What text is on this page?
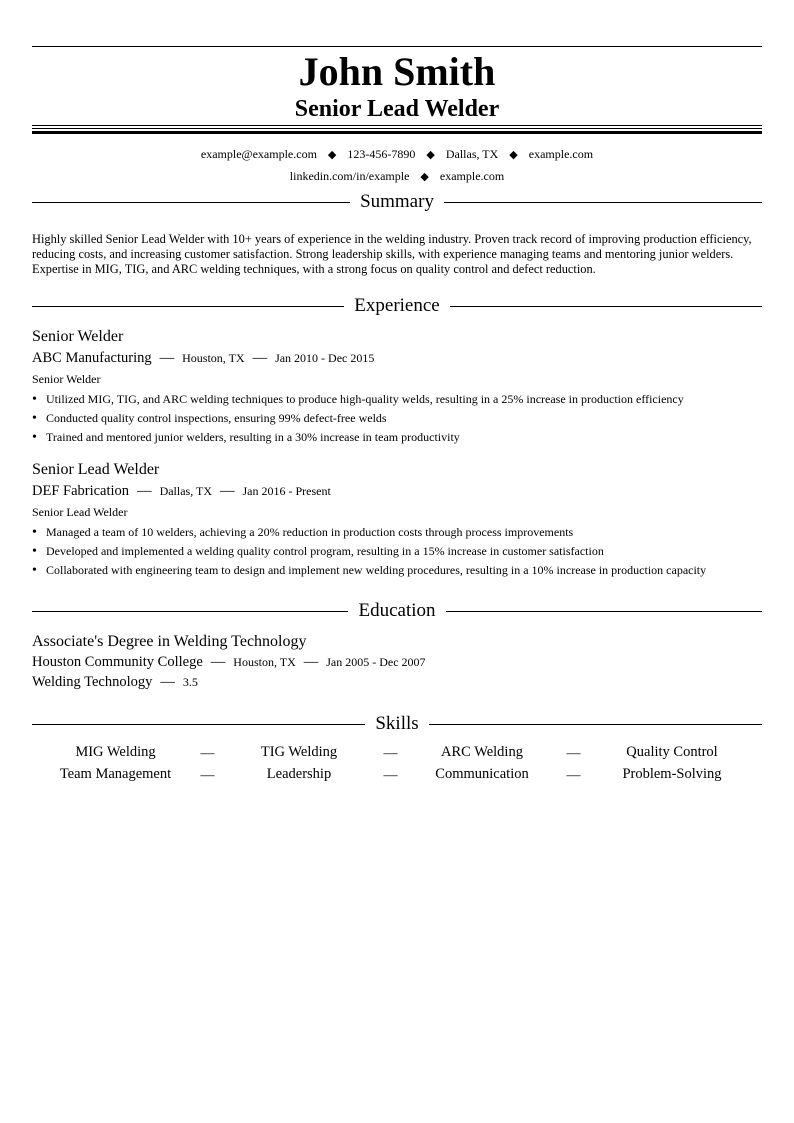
John Smith
Senior Lead Welder
example@example.com ◆ 123-456-7890 ◆ Dallas, TX ◆ example.com
linkedin.com/in/example ◆ example.com
Summary
Highly skilled Senior Lead Welder with 10+ years of experience in the welding industry. Proven track record of improving production efficiency, reducing costs, and increasing customer satisfaction. Strong leadership skills, with experience managing teams and mentoring junior welders. Expertise in MIG, TIG, and ARC welding techniques, with a strong focus on quality control and defect reduction.
Experience
Senior Welder
ABC Manufacturing — Houston, TX — Jan 2010 - Dec 2015
Senior Welder
• Utilized MIG, TIG, and ARC welding techniques to produce high-quality welds, resulting in a 25% increase in production efficiency
• Conducted quality control inspections, ensuring 99% defect-free welds
• Trained and mentored junior welders, resulting in a 30% increase in team productivity
Senior Lead Welder
DEF Fabrication — Dallas, TX — Jan 2016 - Present
Senior Lead Welder
• Managed a team of 10 welders, achieving a 20% reduction in production costs through process improvements
• Developed and implemented a welding quality control program, resulting in a 15% increase in customer satisfaction
• Collaborated with engineering team to design and implement new welding procedures, resulting in a 10% increase in production capacity
Education
Associate's Degree in Welding Technology
Houston Community College — Houston, TX — Jan 2005 - Dec 2007
Welding Technology — 3.5
Skills
MIG Welding	—	TIG Welding	—	ARC Welding	—	Quality Control
Team Management	—	Leadership	—	Communication	—	Problem-Solving
